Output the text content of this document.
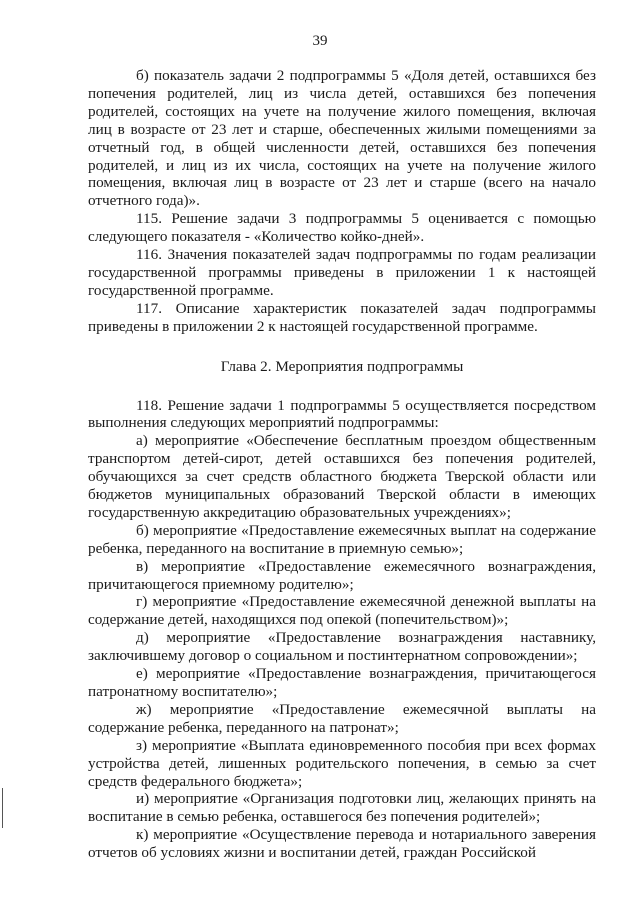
39

б) показатель задачи 2 подпрограммы 5 «Доля детей, оставшихся без попечения родителей, лиц из числа детей, оставшихся без попечения родителей, состоящих на учете на получение жилого помещения, включая лиц в возрасте от 23 лет и старше, обеспеченных жилыми помещениями за отчетный год, в общей численности детей, оставшихся без попечения родителей, и лиц из их числа, состоящих на учете на получение жилого помещения, включая лиц в возрасте от 23 лет и старше (всего на начало отчетного года)».

115. Решение задачи 3 подпрограммы 5 оценивается с помощью следующего показателя - «Количество койко-дней».

116. Значения показателей задач подпрограммы по годам реализации государственной программы приведены в приложении 1 к настоящей государственной программе.

117. Описание характеристик показателей задач подпрограммы приведены в приложении 2 к настоящей государственной программе.

Глава 2. Мероприятия подпрограммы

118. Решение задачи 1 подпрограммы 5 осуществляется посредством выполнения следующих мероприятий подпрограммы:

а) мероприятие «Обеспечение бесплатным проездом общественным транспортом детей-сирот, детей оставшихся без попечения родителей, обучающихся за счет средств областного бюджета Тверской области или бюджетов муниципальных образований Тверской области в имеющих государственную аккредитацию образовательных учреждениях»;

б) мероприятие «Предоставление ежемесячных выплат на содержание ребенка, переданного на воспитание в приемную семью»;

в) мероприятие «Предоставление ежемесячного вознаграждения, причитающегося приемному родителю»;

г) мероприятие «Предоставление ежемесячной денежной выплаты на содержание детей, находящихся под опекой (попечительством)»;

д) мероприятие «Предоставление вознаграждения наставнику, заключившему договор о социальном и постинтернатном сопровождении»;

е) мероприятие «Предоставление вознаграждения, причитающегося патронатному воспитателю»;

ж) мероприятие «Предоставление ежемесячной выплаты на содержание ребенка, переданного на патронат»;

з) мероприятие «Выплата единовременного пособия при всех формах устройства детей, лишенных родительского попечения, в семью за счет средств федерального бюджета»;

и) мероприятие «Организация подготовки лиц, желающих принять на воспитание в семью ребенка, оставшегося без попечения родителей»;

к) мероприятие «Осуществление перевода и нотариального заверения отчетов об условиях жизни и воспитании детей, граждан Российской
